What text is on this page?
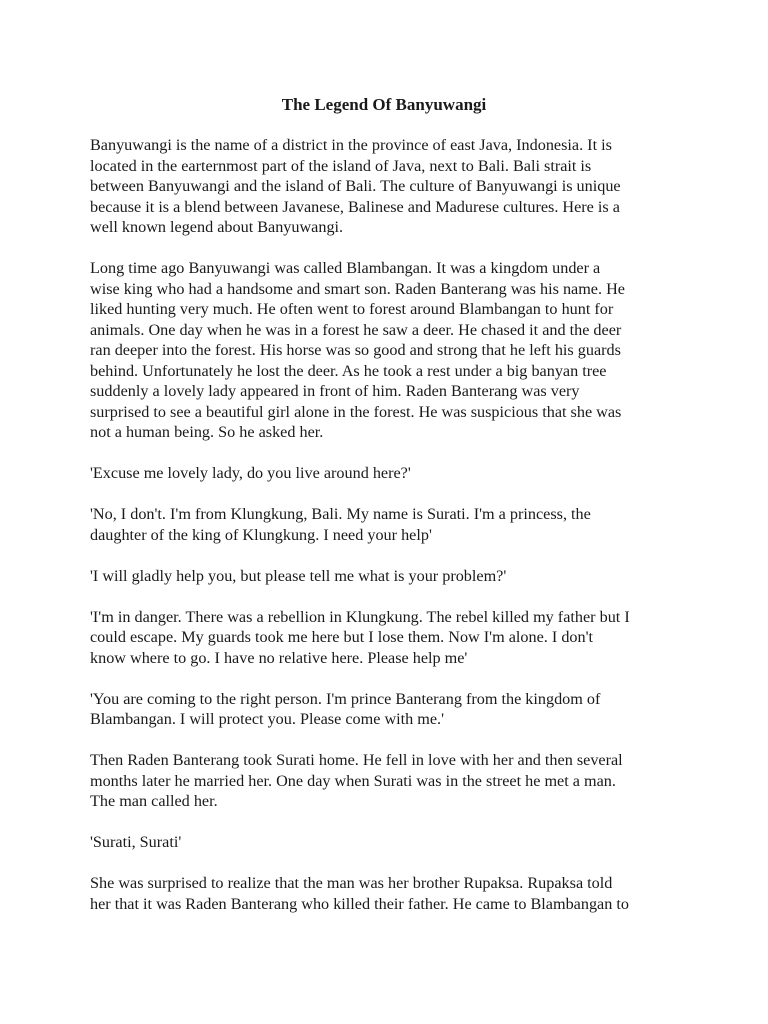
The Legend Of Banyuwangi

Banyuwangi is the name of a district in the province of east Java, Indonesia. It is
located in the earternmost part of the island of Java, next to Bali. Bali strait is
between Banyuwangi and the island of Bali. The culture of Banyuwangi is unique
because it is a blend between Javanese, Balinese and Madurese cultures. Here is a
well known legend about Banyuwangi.

Long time ago Banyuwangi was called Blambangan. It was a kingdom under a
wise king who had a handsome and smart son. Raden Banterang was his name. He
liked hunting very much. He often went to forest around Blambangan to hunt for
animals. One day when he was in a forest he saw a deer. He chased it and the deer
ran deeper into the forest. His horse was so good and strong that he left his guards
behind. Unfortunately he lost the deer. As he took a rest under a big banyan tree
suddenly a lovely lady appeared in front of him. Raden Banterang was very
surprised to see a beautiful girl alone in the forest. He was suspicious that she was
not a human being. So he asked her.

'Excuse me lovely lady, do you live around here?'

'No, I don't. I'm from Klungkung, Bali. My name is Surati. I'm a princess, the
daughter of the king of Klungkung. I need your help'

'I will gladly help you, but please tell me what is your problem?'

'I'm in danger. There was a rebellion in Klungkung. The rebel killed my father but I
could escape. My guards took me here but I lose them. Now I'm alone. I don't
know where to go. I have no relative here. Please help me'

'You are coming to the right person. I'm prince Banterang from the kingdom of
Blambangan. I will protect you. Please come with me.'

Then Raden Banterang took Surati home. He fell in love with her and then several
months later he married her. One day when Surati was in the street he met a man.
The man called her.

'Surati, Surati'

She was surprised to realize that the man was her brother Rupaksa. Rupaksa told
her that it was Raden Banterang who killed their father. He came to Blambangan to
